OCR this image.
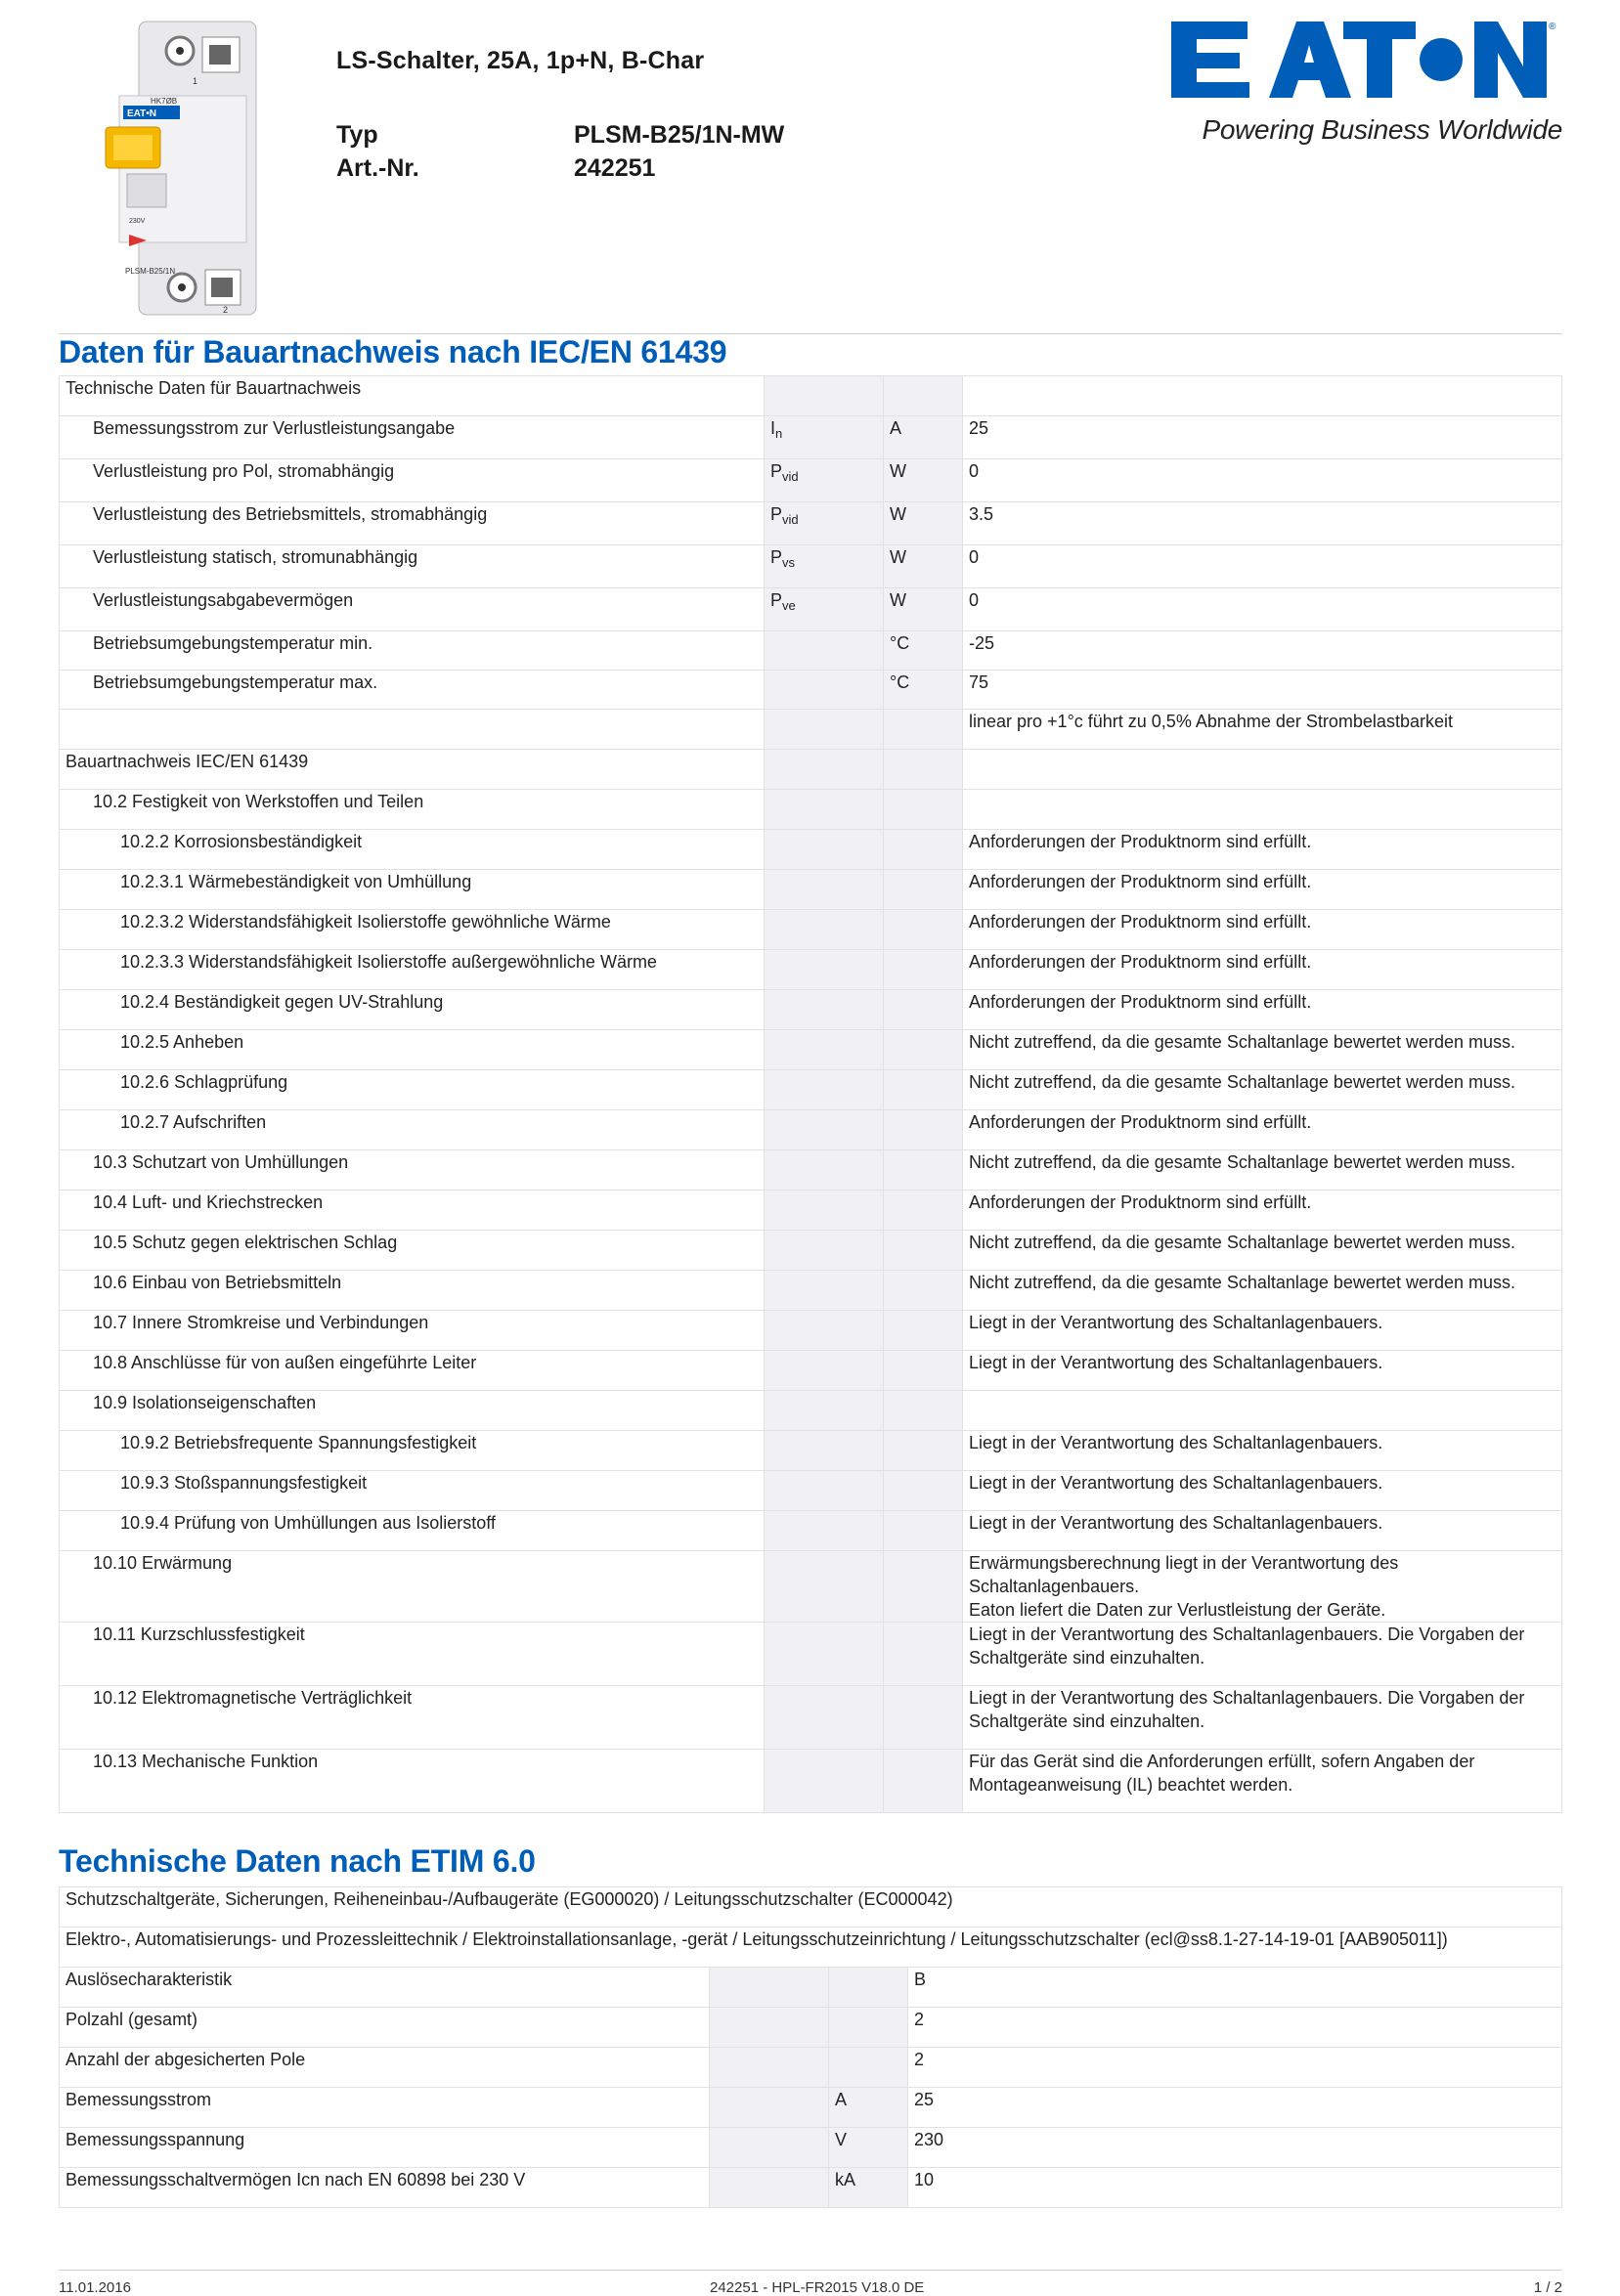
1
HK7ØB
EAT•N
230V
PLSM-B25/1N
2
LS-Schalter, 25A, 1p+N, B-Char
Typ	PLSM-B25/1N-MW
Art.-Nr.	242251
®
Powering Business Worldwide
Daten für Bauartnachweis nach IEC/EN 61439
Technische Daten für Bauartnachweis			
Bemessungsstrom zur Verlustleistungsangabe	$I_n$	A	25
Verlustleistung pro Pol, stromabhängig	$P_{vid}$	W	0
Verlustleistung des Betriebsmittels, stromabhängig	$P_{vid}$	W	3.5
Verlustleistung statisch, stromunabhängig	$P_{vs}$	W	0
Verlustleistungsabgabevermögen	$P_{ve}$	W	0
Betriebsumgebungstemperatur min.		°C	-25
Betriebsumgebungstemperatur max.		°C	75
			linear pro +1°c führt zu 0,5% Abnahme der Strombelastbarkeit
Bauartnachweis IEC/EN 61439			
10.2 Festigkeit von Werkstoffen und Teilen			
10.2.2 Korrosionsbeständigkeit			Anforderungen der Produktnorm sind erfüllt.
10.2.3.1 Wärmebeständigkeit von Umhüllung			Anforderungen der Produktnorm sind erfüllt.
10.2.3.2 Widerstandsfähigkeit Isolierstoffe gewöhnliche Wärme			Anforderungen der Produktnorm sind erfüllt.
10.2.3.3 Widerstandsfähigkeit Isolierstoffe außergewöhnliche Wärme			Anforderungen der Produktnorm sind erfüllt.
10.2.4 Beständigkeit gegen UV-Strahlung			Anforderungen der Produktnorm sind erfüllt.
10.2.5 Anheben			Nicht zutreffend, da die gesamte Schaltanlage bewertet werden muss.
10.2.6 Schlagprüfung			Nicht zutreffend, da die gesamte Schaltanlage bewertet werden muss.
10.2.7 Aufschriften			Anforderungen der Produktnorm sind erfüllt.
10.3 Schutzart von Umhüllungen			Nicht zutreffend, da die gesamte Schaltanlage bewertet werden muss.
10.4 Luft- und Kriechstrecken			Anforderungen der Produktnorm sind erfüllt.
10.5 Schutz gegen elektrischen Schlag			Nicht zutreffend, da die gesamte Schaltanlage bewertet werden muss.
10.6 Einbau von Betriebsmitteln			Nicht zutreffend, da die gesamte Schaltanlage bewertet werden muss.
10.7 Innere Stromkreise und Verbindungen			Liegt in der Verantwortung des Schaltanlagenbauers.
10.8 Anschlüsse für von außen eingeführte Leiter			Liegt in der Verantwortung des Schaltanlagenbauers.
10.9 Isolationseigenschaften			
10.9.2 Betriebsfrequente Spannungsfestigkeit			Liegt in der Verantwortung des Schaltanlagenbauers.
10.9.3 Stoßspannungsfestigkeit			Liegt in der Verantwortung des Schaltanlagenbauers.
10.9.4 Prüfung von Umhüllungen aus Isolierstoff			Liegt in der Verantwortung des Schaltanlagenbauers.
10.10 Erwärmung			Erwärmungsberechnung liegt in der Verantwortung des Schaltanlagenbauers.
Eaton liefert die Daten zur Verlustleistung der Geräte.
10.11 Kurzschlussfestigkeit			Liegt in der Verantwortung des Schaltanlagenbauers. Die Vorgaben der
Schaltgeräte sind einzuhalten.
10.12 Elektromagnetische Verträglichkeit			Liegt in der Verantwortung des Schaltanlagenbauers. Die Vorgaben der
Schaltgeräte sind einzuhalten.
10.13 Mechanische Funktion			Für das Gerät sind die Anforderungen erfüllt, sofern Angaben der
Montageanweisung (IL) beachtet werden.
Technische Daten nach ETIM 6.0
Schutzschaltgeräte, Sicherungen, Reiheneinbau-/Aufbaugeräte (EG000020) / Leitungsschutzschalter (EC000042)			
Elektro-, Automatisierungs- und Prozessleittechnik / Elektroinstallationsanlage, -gerät / Leitungsschutzeinrichtung / Leitungsschutzschalter (ecl@ss8.1-27-14-19-01 [AAB905011])			
Auslösecharakteristik			B
Polzahl (gesamt)			2
Anzahl der abgesicherten Pole			2
Bemessungsstrom		A	25
Bemessungsspannung		V	230
Bemessungsschaltvermögen Icn nach EN 60898 bei 230 V		kA	10
11.01.2016	242251 - HPL-FR2015 V18.0 DE	1 / 2
